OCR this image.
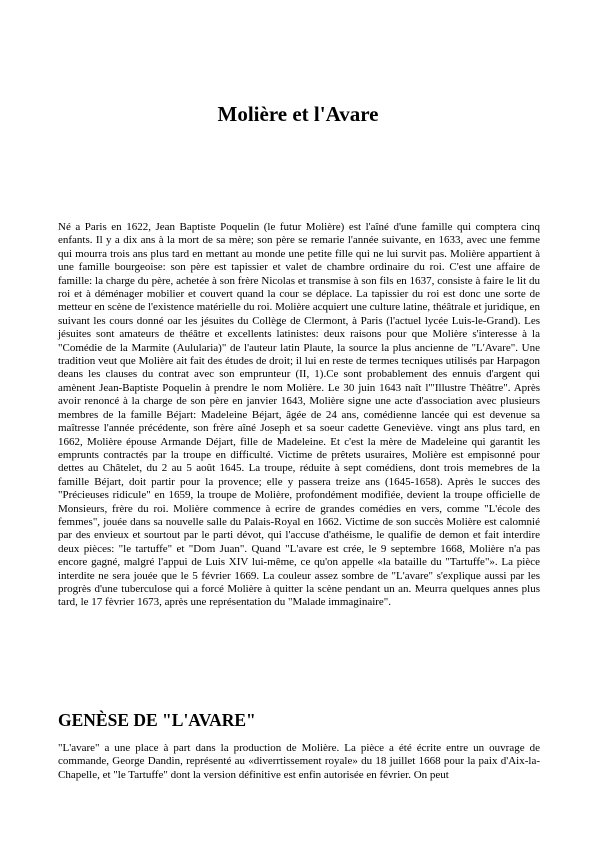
Molière et l'Avare

Né a Paris en 1622, Jean Baptiste Poquelin (le futur Molière) est l'aîné d'une famille qui comptera cinq enfants. Il y a dix ans à la mort de sa mère; son père se remarie l'année suivante, en 1633, avec une femme qui mourra trois ans plus tard en mettant au monde une petite fille qui ne lui survit pas. Molière appartient à une famille bourgeoise: son père est tapissier et valet de chambre ordinaire du roi. C'est une affaire de famille: la charge du père, achetée à son frère Nicolas et transmise à son fils en 1637, consiste à faire le lit du roi et à déménager mobilier et couvert quand la cour se déplace. La tapissier du roi est donc une sorte de metteur en scène de l'existence matérielle du roi. Molière acquiert une culture latine, théâtrale et juridique, en suivant les cours donné oar les jésuites du Collège de Clermont, à Paris (l'actuel lycée Luis-le-Grand). Les jésuites sont amateurs de théâtre et excellents latinistes: deux raisons pour que Molière s'interesse à la "Comédie de la Marmite (Aulularia)" de l'auteur latin Plaute, la source la plus ancienne de "L'Avare". Une tradition veut que Molière ait fait des études de droit; il lui en reste de termes tecniques utilisés par Harpagon deans les clauses du contrat avec son emprunteur (II, 1).Ce sont probablement des ennuis d'argent qui amènent Jean-Baptiste Poquelin à prendre le nom Molière. Le 30 juin 1643 naît l'"Illustre Thèâtre". Après avoir renoncé à la charge de son père en janvier 1643, Molière signe une acte d'association avec plusieurs membres de la famille Béjart: Madeleine Béjart, âgée de 24 ans, comédienne lancée qui est devenue sa maîtresse l'année précédente, son frère aîné Joseph et sa soeur cadette Geneviève. vingt ans plus tard, en 1662, Molière épouse Armande Déjart, fille de Madeleine. Et c'est la mère de Madeleine qui garantit les emprunts contractés par la troupe en difficulté. Victime de prêtets usuraires, Molière est empisonné pour dettes au Châtelet, du 2 au 5 août 1645. La troupe, réduite à sept comédiens, dont trois memebres de la famille Béjart, doit partir pour la provence; elle y passera treize ans (1645-1658). Après le succes des "Précieuses ridicule" en 1659, la troupe de Molière, profondément modifiée, devient la troupe officielle de Monsieurs, frère du roi. Molière commence à ecrire de grandes comédies en vers, comme "L'école des femmes", jouée dans sa nouvelle salle du Palais-Royal en 1662. Victime de son succès Molière est calomnié par des envieux et sourtout par le parti dévot, qui l'accuse d'athéisme, le qualifie de demon et fait interdire deux pièces: "le tartuffe" et "Dom Juan". Quand "L'avare est crée, le 9 septembre 1668, Molière n'a pas encore gagné, malgré l'appui de Luis XIV lui-même, ce qu'on appelle «la bataille du "Tartuffe"». La pièce interdite ne sera jouée que le 5 février 1669. La couleur assez sombre de "L'avare" s'explique aussi par les progrès d'une tuberculose qui a forcé Molière à quitter la scène pendant un an. Meurra quelques annes plus tard, le 17 fèvrier 1673, après une représentation du "Malade immaginaire".

GENÈSE DE "L'AVARE"

"L'avare" a une place à part dans la production de Molière. La pièce a été écrite entre un ouvrage de commande, George Dandin, représenté au «diverrtissement royale» du 18 juillet 1668 pour la paix d'Aix-la-Chapelle, et "le Tartuffe" dont la version définitive est enfin autorisée en février. On peut
